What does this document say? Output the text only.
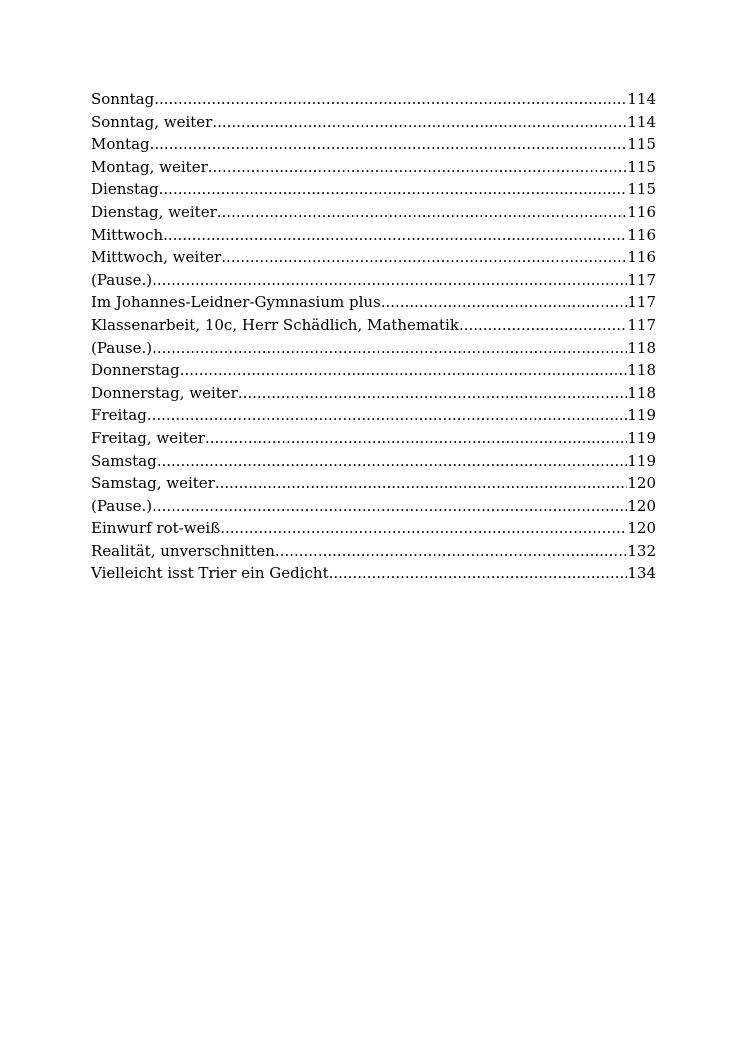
Sonntag .....	114
Sonntag, weiter .....	114
Montag .....	115
Montag, weiter .....	115
Dienstag .....	115
Dienstag, weiter .....	116
Mittwoch .....	116
Mittwoch, weiter .....	116
(Pause.) .....	117
Im Johannes-Leidner-Gymnasium plus .....	117
Klassenarbeit, 10c, Herr Schädlich, Mathematik .....	117
(Pause.) .....	118
Donnerstag .....	118
Donnerstag, weiter .....	118
Freitag .....	119
Freitag, weiter .....	119
Samstag .....	119
Samstag, weiter .....	120
(Pause.) .....	120
Einwurf rot-weiß .....	120
Realität, unverschnitten. .....	132
Vielleicht isst Trier ein Gedicht .....	134
